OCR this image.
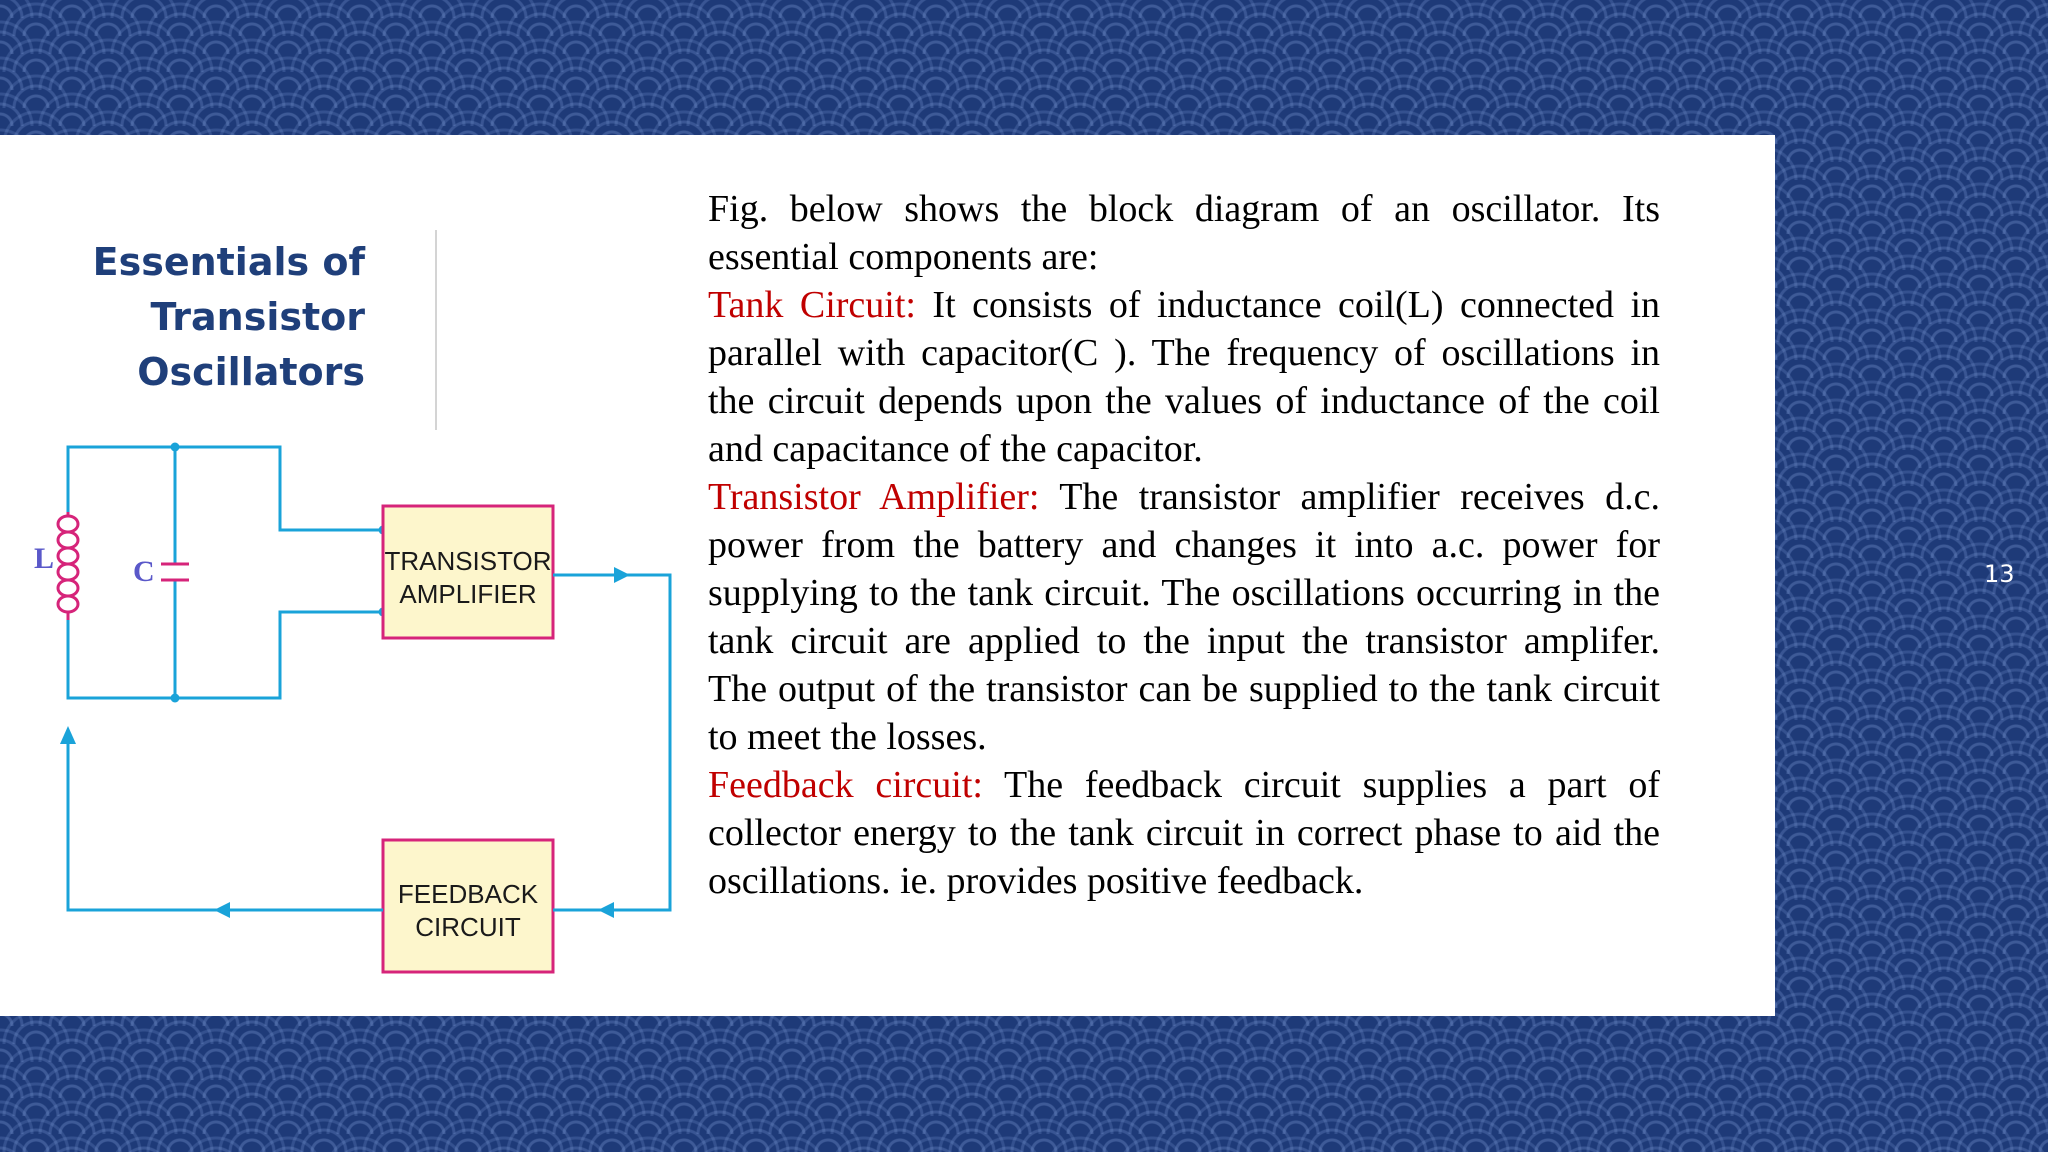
Essentials of
Transistor
Oscillators
L	C	TRANSISTOR
AMPLIFIER
FEEDBACK
CIRCUIT

Fig. below shows the block diagram of an oscillator. Its essential components are:

Tank Circuit: It consists of inductance coil(L) connected in parallel with capacitor(C ). The frequency of oscillations in the circuit depends upon the values of inductance of the coil and capacitance of the capacitor.

Transistor Amplifier: The transistor amplifier receives d.c. power from the battery and changes it into a.c. power for supplying to the tank circuit. The oscillations occurring in the tank circuit are applied to the input the transistor amplifer. The output of the transistor can be supplied to the tank circuit to meet the losses.

Feedback circuit: The feedback circuit supplies a part of collector energy to the tank circuit in correct phase to aid the oscillations. ie. provides positive feedback.

13
